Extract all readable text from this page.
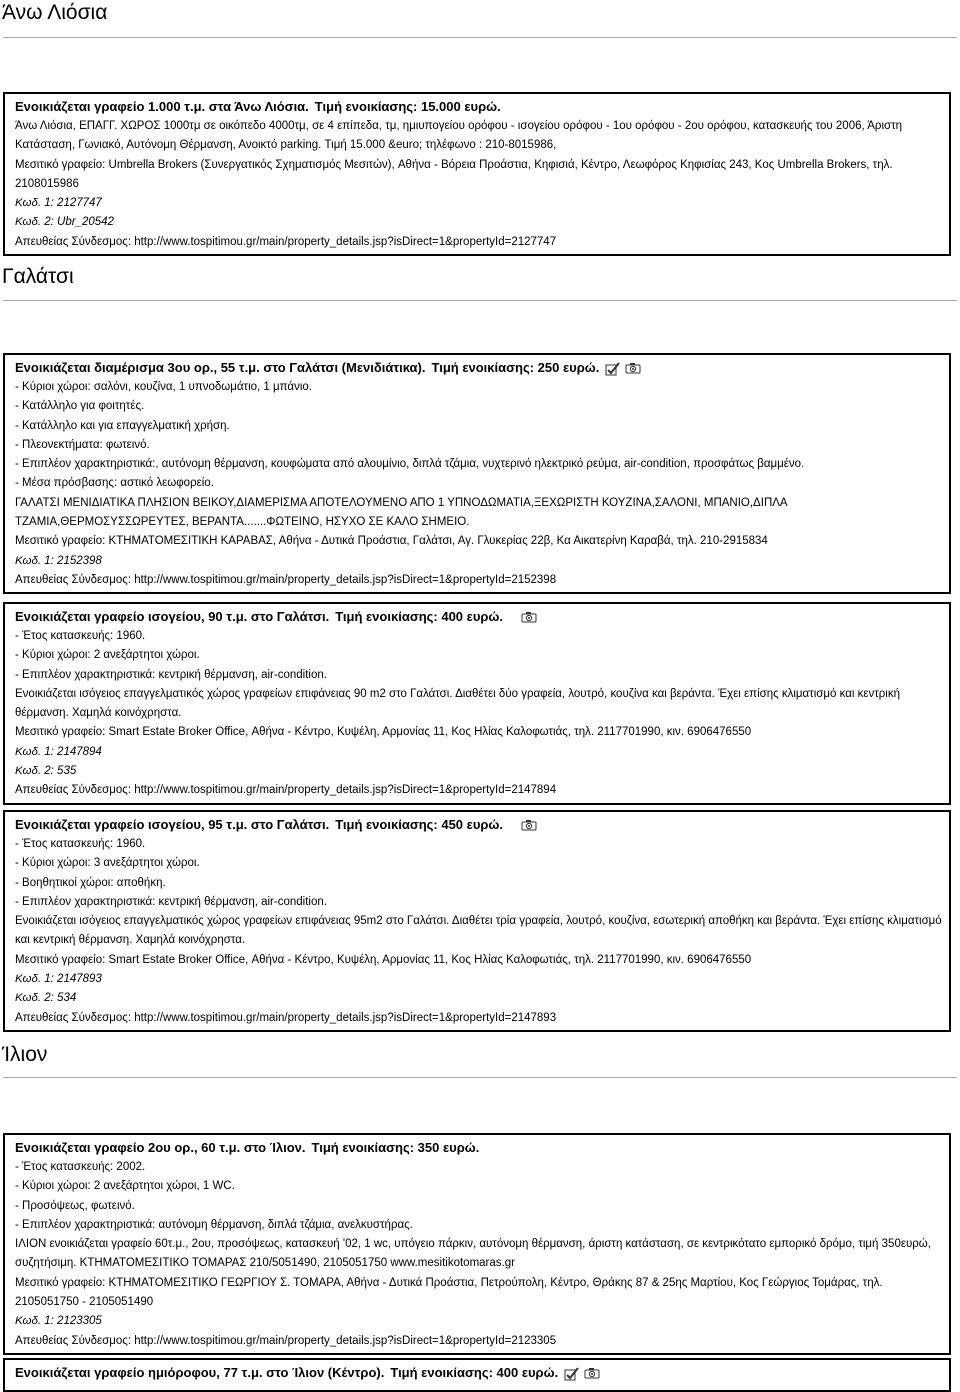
Άνω Λιόσια
Ενοικιάζεται γραφείο 1.000 τ.μ. στα Άνω Λιόσια. Τιμή ενοικίασης: 15.000 ευρώ.
Άνω Λιόσια, ΕΠΑΓΓ. ΧΩΡΟΣ 1000τμ σε οικόπεδο 4000τμ, σε 4 επίπεδα, τμ, ημιυπογείου ορόφου - ισογείου ορόφου - 1ου ορόφου - 2ου ορόφου, κατασκευής του 2006, Άριστη Κατάσταση, Γωνιακό, Αυτόνομη Θέρμανση, Ανοικτό parking. Τιμή 15.000 &euro; τηλέφωνο : 210-8015986,
Μεσιτικό γραφείο: Umbrella Brokers (Συνεργατικός Σχηματισμός Μεσιτών), Αθήνα - Βόρεια Προάστια, Κηφισιά, Κέντρο, Λεωφόρος Κηφισίας 243, Κος Umbrella Brokers, τηλ. 2108015986
Κωδ. 1: 2127747
Κωδ. 2: Ubr_20542
Απευθείας Σύνδεσμος: http://www.tospitimou.gr/main/property_details.jsp?isDirect=1&propertyId=2127747
Γαλάτσι
Ενοικιάζεται διαμέρισμα 3ου ορ., 55 τ.μ. στο Γαλάτσι (Μενιδιάτικα). Τιμή ενοικίασης: 250 ευρώ.
- Κύριοι χώροι: σαλόνι, κουζίνα, 1 υπνοδωμάτιο, 1 μπάνιο.
- Κατάλληλο για φοιτητές.
- Κατάλληλο και για επαγγελματική χρήση.
- Πλεονεκτήματα: φωτεινό.
- Επιπλέον χαρακτηριστικά:, αυτόνομη θέρμανση, κουφώματα από αλουμίνιο, διπλά τζάμια, νυχτερινό ηλεκτρικό ρεύμα, air-condition, προσφάτως βαμμένο.
- Μέσα πρόσβασης: αστικό λεωφορείο.
ΓΑΛΑΤΣΙ ΜΕΝΙΔΙΑΤΙΚΑ ΠΛΗΣΙΟΝ ΒΕΙΚΟΥ,ΔΙΑΜΕΡΙΣΜΑ ΑΠΟΤΕΛΟΥΜΕΝΟ ΑΠΟ 1 ΥΠΝΟΔΩΜΑΤΙΑ,ΞΕΧΩΡΙΣΤΗ ΚΟΥΖΙΝΑ,ΣΑΛΟΝΙ, ΜΠΑΝΙΟ,ΔΙΠΛΑ ΤΖΑΜΙΑ,ΘΕΡΜΟΣΥΣΣΩΡΕΥΤΕΣ, ΒΕΡΑΝΤΑ.......ΦΩΤΕΙΝΟ, ΗΣΥΧΟ ΣΕ ΚΑΛΟ ΣΗΜΕΙΟ.
Μεσιτικό γραφείο: ΚΤΗΜΑΤΟΜΕΣΙΤΙΚΗ ΚΑΡΑΒΑΣ, Αθήνα - Δυτικά Προάστια, Γαλάτσι, Αγ. Γλυκερίας 22β, Κα Αικατερίνη Καραβά, τηλ. 210-2915834
Κωδ. 1: 2152398
Απευθείας Σύνδεσμος: http://www.tospitimou.gr/main/property_details.jsp?isDirect=1&propertyId=2152398
Ενοικιάζεται γραφείο ισογείου, 90 τ.μ. στο Γαλάτσι. Τιμή ενοικίασης: 400 ευρώ.
- Έτος κατασκευής: 1960.
- Κύριοι χώροι: 2 ανεξάρτητοι χώροι.
- Επιπλέον χαρακτηριστικά: κεντρική θέρμανση, air-condition.
Ενοικιάζεται ισόγειος επαγγελματικός χώρος γραφείων επιφάνειας 90 m2 στο Γαλάτσι. Διαθέτει δύο γραφεία, λουτρό, κουζίνα και βεράντα. Έχει επίσης κλιματισμό και κεντρική θέρμανση. Χαμηλά κοινόχρηστα.
Μεσιτικό γραφείο: Smart Estate Broker Office, Αθήνα - Κέντρο, Κυψέλη, Αρμονίας 11, Κος Ηλίας Καλοφωτιάς, τηλ. 2117701990, κιν. 6906476550
Κωδ. 1: 2147894
Κωδ. 2: 535
Απευθείας Σύνδεσμος: http://www.tospitimou.gr/main/property_details.jsp?isDirect=1&propertyId=2147894
Ενοικιάζεται γραφείο ισογείου, 95 τ.μ. στο Γαλάτσι. Τιμή ενοικίασης: 450 ευρώ.
- Έτος κατασκευής: 1960.
- Κύριοι χώροι: 3 ανεξάρτητοι χώροι.
- Βοηθητικοί χώροι: αποθήκη.
- Επιπλέον χαρακτηριστικά: κεντρική θέρμανση, air-condition.
Ενοικιάζεται ισόγειος επαγγελματικός χώρος γραφείων επιφάνειας 95m2 στο Γαλάτσι. Διαθέτει τρία γραφεία, λουτρό, κουζίνα, εσωτερική αποθήκη και βεράντα. Έχει επίσης κλιματισμό και κεντρική θέρμανση. Χαμηλά κοινόχρηστα.
Μεσιτικό γραφείο: Smart Estate Broker Office, Αθήνα - Κέντρο, Κυψέλη, Αρμονίας 11, Κος Ηλίας Καλοφωτιάς, τηλ. 2117701990, κιν. 6906476550
Κωδ. 1: 2147893
Κωδ. 2: 534
Απευθείας Σύνδεσμος: http://www.tospitimou.gr/main/property_details.jsp?isDirect=1&propertyId=2147893
Ίλιον
Ενοικιάζεται γραφείο 2ου ορ., 60 τ.μ. στο Ίλιον. Τιμή ενοικίασης: 350 ευρώ.
- Έτος κατασκευής: 2002.
- Κύριοι χώροι: 2 ανεξάρτητοι χώροι, 1 WC.
- Προσόψεως, φωτεινό.
- Επιπλέον χαρακτηριστικά: αυτόνομη θέρμανση, διπλά τζάμια, ανελκυστήρας.
ΙΛΙΟΝ ενοικιάζεται γραφείο 60τ.μ., 2ου, προσόψεως, κατασκευή '02, 1 wc, υπόγειο πάρκιν, αυτόνομη θέρμανση, άριστη κατάσταση, σε κεντρικότατο εμπορικό δρόμο, τιμή 350ευρώ, συζητήσιμη. ΚΤΗΜΑΤΟΜΕΣΙΤΙΚΟ ΤΟΜΑΡΑΣ 210/5051490, 2105051750 www.mesitikotomaras.gr
Μεσιτικό γραφείο: ΚΤΗΜΑΤΟΜΕΣΙΤΙΚΟ ΓΕΩΡΓΙΟΥ Σ. ΤΟΜΑΡΑ, Αθήνα - Δυτικά Προάστια, Πετρούπολη, Κέντρο, Θράκης 87 & 25ης Μαρτίου, Κος Γεώργιος Τομάρας, τηλ. 2105051750 - 2105051490
Κωδ. 1: 2123305
Απευθείας Σύνδεσμος: http://www.tospitimou.gr/main/property_details.jsp?isDirect=1&propertyId=2123305
Ενοικιάζεται γραφείο ημιόροφου, 77 τ.μ. στο Ίλιον (Κέντρο). Τιμή ενοικίασης: 400 ευρώ.
